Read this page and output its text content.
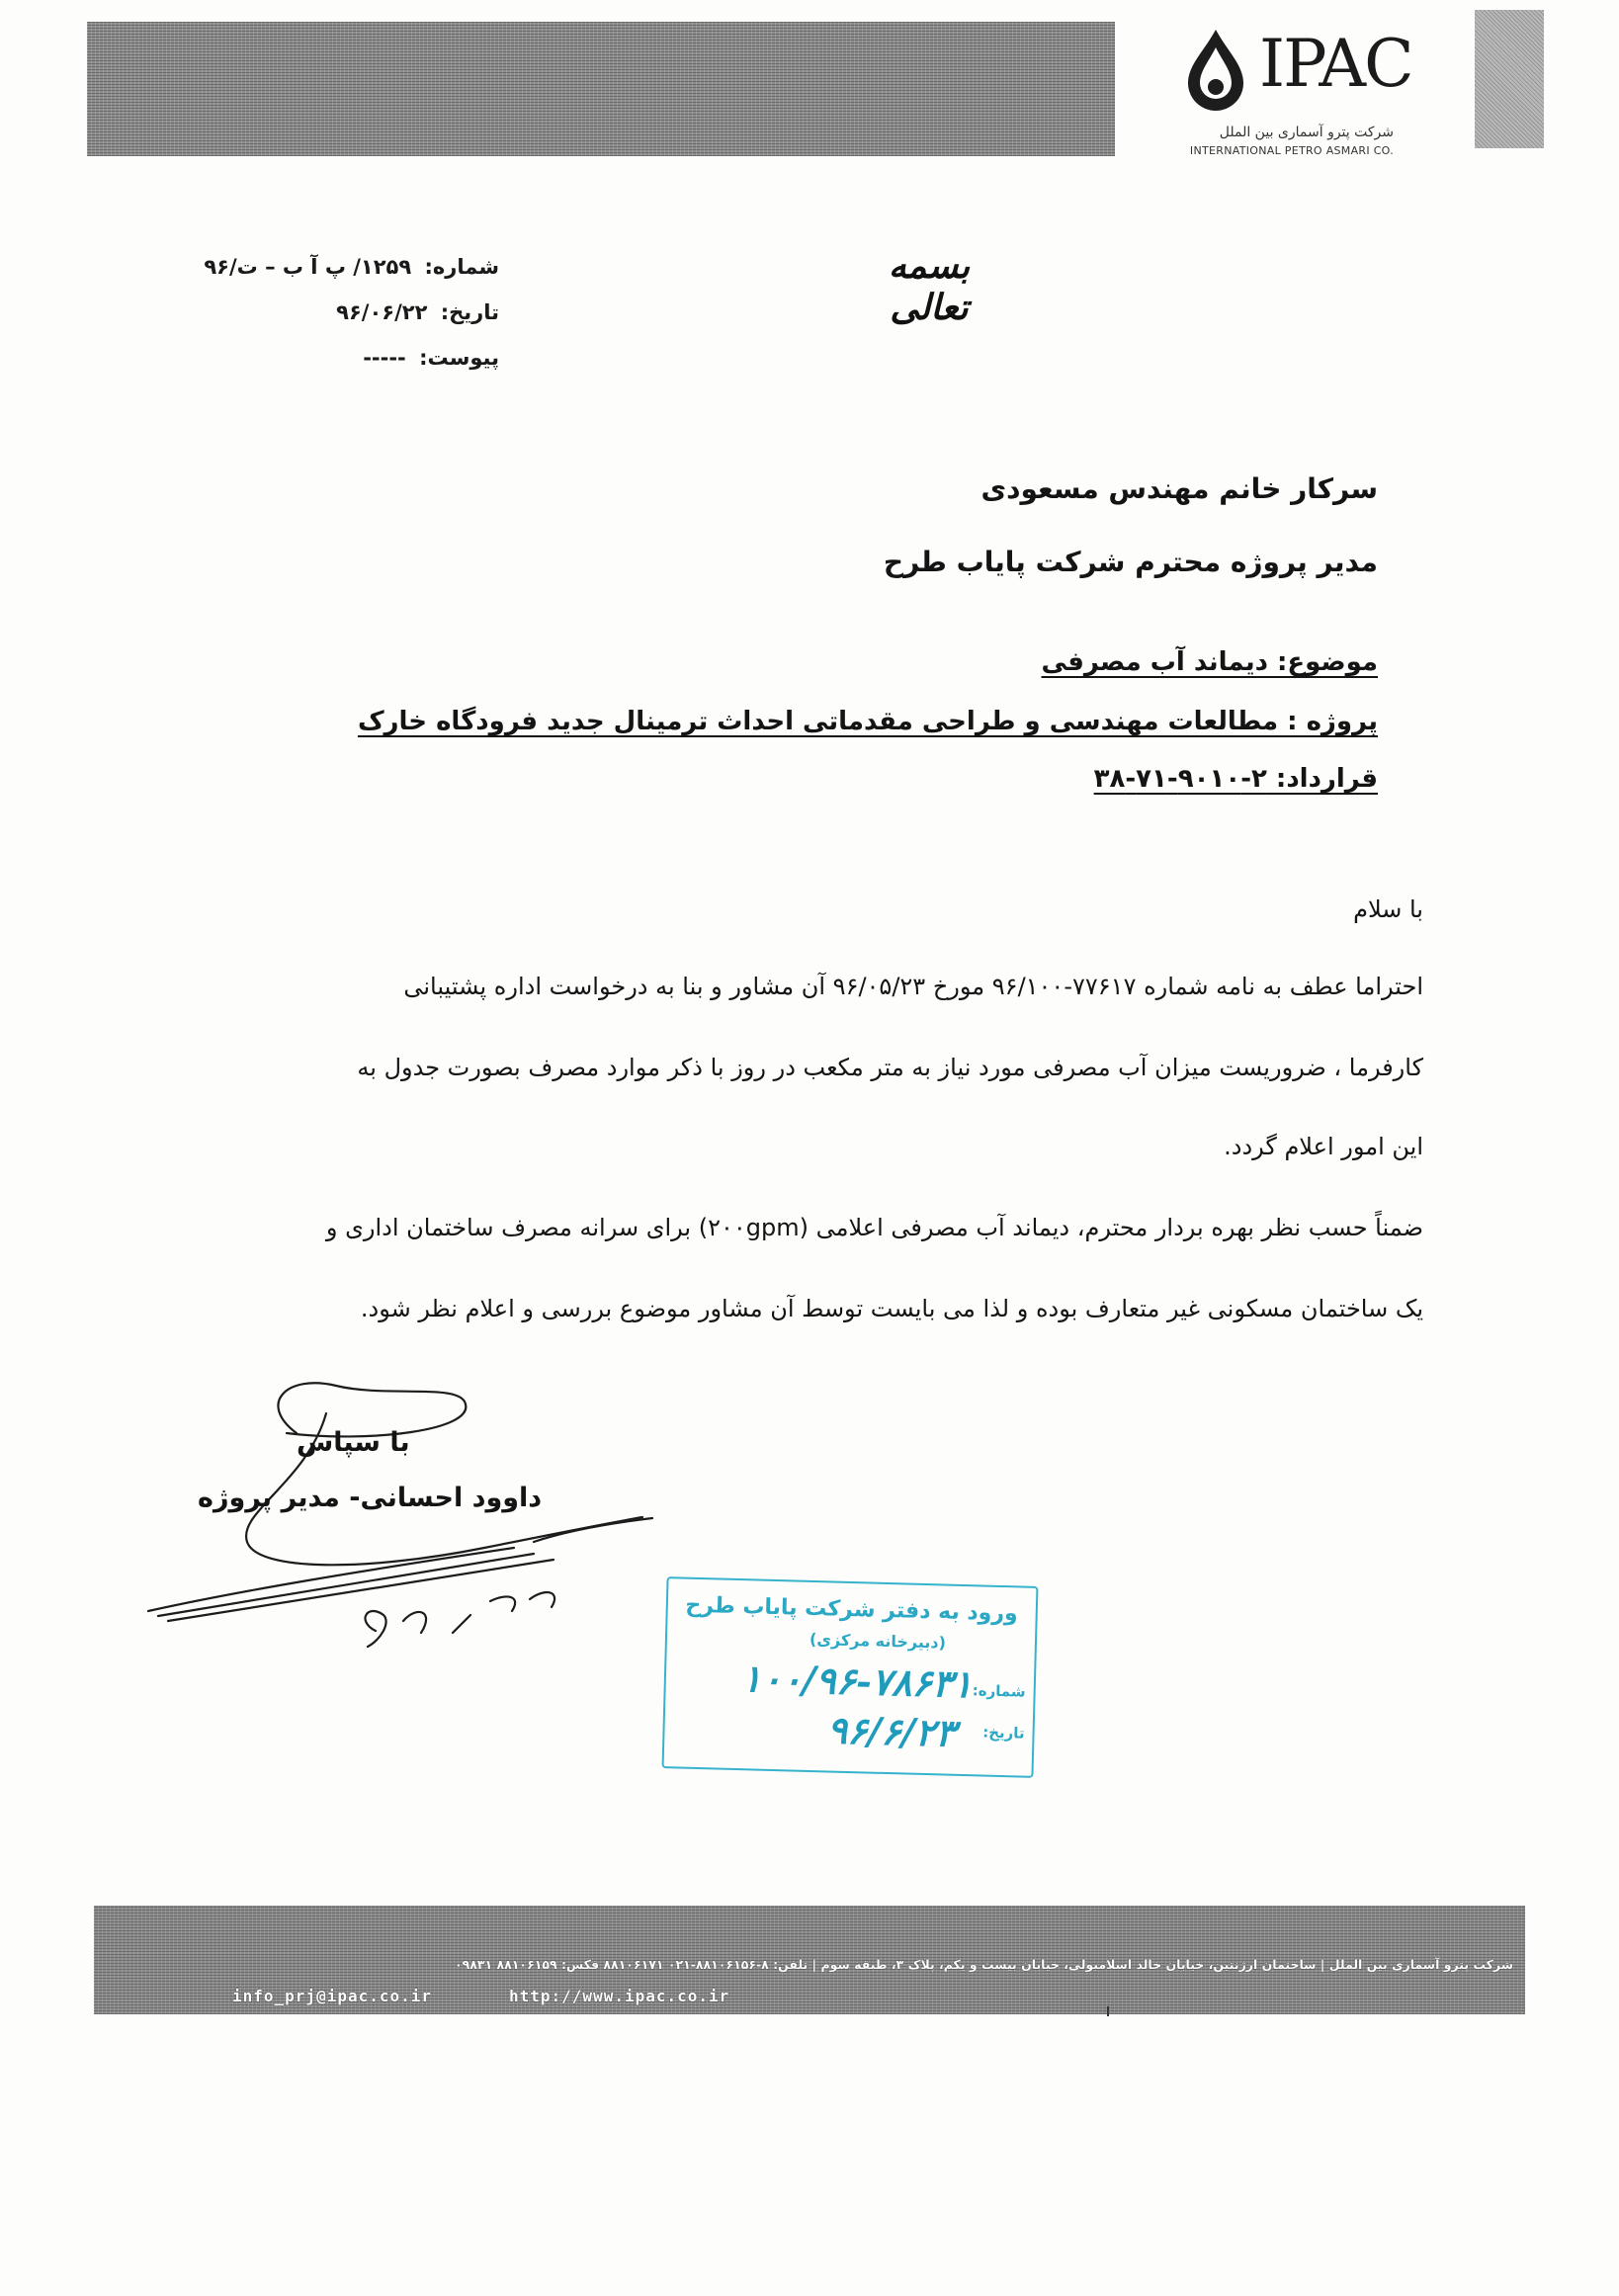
IPAC
شرکت پترو آسماری بین الملل
INTERNATIONAL PETRO ASMARI CO.
بسمه تعالی
شماره: ۱۲۵۹/ پ آ ب – ت/۹۶
تاریخ: ۹۶/۰۶/۲۲
پیوست: -----
سرکار خانم مهندس مسعودی
مدیر پروژه محترم شرکت پایاب طرح
موضوع: دیماند آب مصرفی
پروژه : مطالعات مهندسی و طراحی مقدماتی احداث ترمینال جدید فرودگاه خارک
قرارداد: ۲-۹۰۱۰-۷۱-۳۸
با سلام
احتراما عطف به نامه شماره ۷۷۶۱۷-۹۶/۱۰۰ مورخ ۹۶/۰۵/۲۳ آن مشاور و بنا به درخواست اداره پشتیبانی
کارفرما ، ضروریست میزان آب مصرفی مورد نیاز به متر مکعب در روز با ذکر موارد مصرف بصورت جدول به
این امور اعلام گردد.
ضمناً حسب نظر بهره بردار محترم، دیماند آب مصرفی اعلامی (۲۰۰gpm) برای سرانه مصرف ساختمان اداری و
یک ساختمان مسکونی غیر متعارف بوده و لذا می بایست توسط آن مشاور موضوع بررسی و اعلام نظر شود.
با سپاس
داوود احسانی- مدیر پروژه
ورود به دفتر شرکت پایاب طرح
(دبیرخانه مرکزی)
شماره:
۱۰۰/۹۶-۷۸۶۳۱
تاریخ:
۹۶/۶/۲۳
شرکت پترو آسماری بین الملل | ساختمان ارژنتین، خیابان خالد اسلامبولی، خیابان بیست و یکم، پلاک ۳، طبقه سوم | تلفن: ۸-۸۸۱۰۶۱۵۶-۰۲۱ ۸۸۱۰۶۱۷۱ فکس: ۸۸۱۰۶۱۵۹ ۰۹۸۳۱
info_prj@ipac.co.ir	http://www.ipac.co.ir
